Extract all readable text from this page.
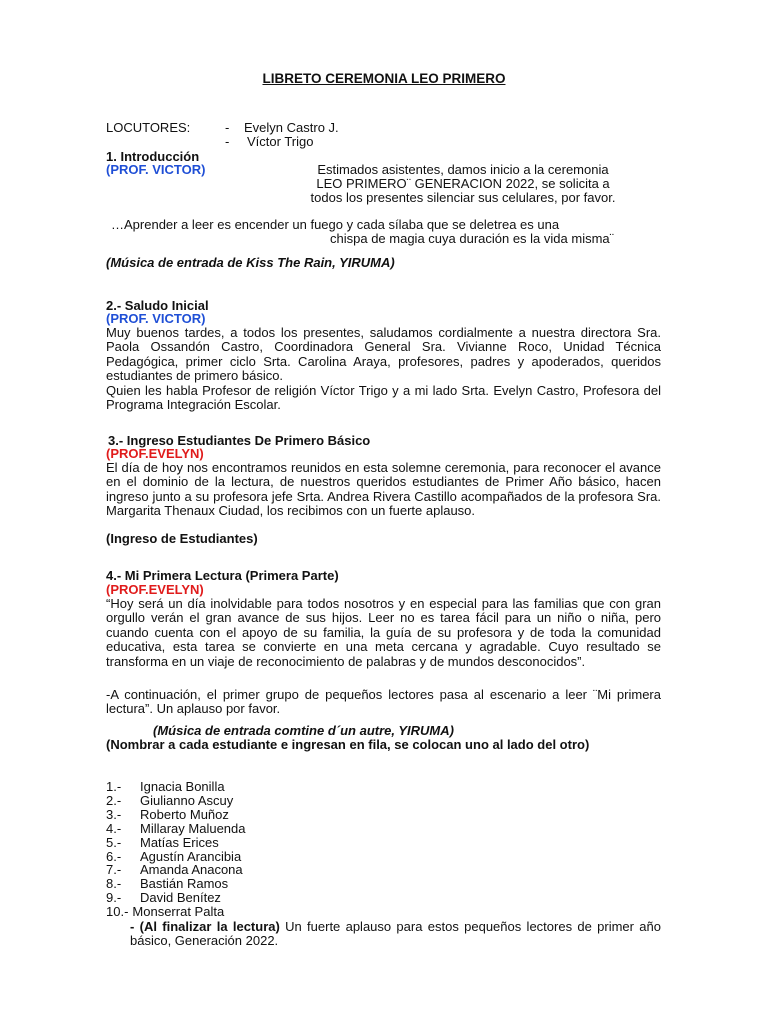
LIBRETO CEREMONIA LEO PRIMERO
LOCUTORES:	- Evelyn Castro J.
- Víctor Trigo
1. Introducción
(PROF. VICTOR)	Estimados asistentes, damos inicio a la ceremonia
LEO PRIMERO¨ GENERACION 2022, se solicita a
todos los presentes silenciar sus celulares, por favor.
…Aprender a leer es encender un fuego y cada sílaba que se deletrea es una
chispa de magia cuya duración es la vida misma¨
(Música de entrada de Kiss The Rain, YIRUMA)
2.- Saludo Inicial
(PROF. VICTOR)

Muy buenos tardes, a todos los presentes, saludamos cordialmente a nuestra directora Sra. Paola Ossandón Castro, Coordinadora General Sra. Vivianne Roco, Unidad Técnica Pedagógica, primer ciclo Srta. Carolina Araya, profesores, padres y apoderados, queridos estudiantes de primero básico.

Quien les habla Profesor de religión Víctor Trigo y a mi lado Srta. Evelyn Castro, Profesora del Programa Integración Escolar.

3.- Ingreso Estudiantes De Primero Básico
(PROF.EVELYN)

El día de hoy nos encontramos reunidos en esta solemne ceremonia, para reconocer el avance en el dominio de la lectura, de nuestros queridos estudiantes de Primer Año básico, hacen ingreso junto a su profesora jefe Srta. Andrea Rivera Castillo acompañados de la profesora Sra. Margarita Thenaux Ciudad, los recibimos con un fuerte aplauso.

(Ingreso de Estudiantes)
4.- Mi Primera Lectura (Primera Parte)
(PROF.EVELYN)

“Hoy será un día inolvidable para todos nosotros y en especial para las familias que con gran orgullo verán el gran avance de sus hijos. Leer no es tarea fácil para un niño o niña, pero cuando cuenta con el apoyo de su familia, la guía de su profesora y de toda la comunidad educativa, esta tarea se convierte en una meta cercana y agradable. Cuyo resultado se transforma en un viaje de reconocimiento de palabras y de mundos desconocidos”.

-A continuación, el primer grupo de pequeños lectores pasa al escenario a leer ¨Mi primera lectura”. Un aplauso por favor.

(Música de entrada comtine d´un autre, YIRUMA)

(Nombrar a cada estudiante e ingresan en fila, se colocan uno al lado del otro)

1.- Ignacia Bonilla
2.- Giulianno Ascuy
3.- Roberto Muñoz
4.- Millaray Maluenda
5.- Matías Erices
6.- Agustín Arancibia
7.- Amanda Anacona
8.- Bastián Ramos
9.- David Benítez
10.- Monserrat Palta
- (Al finalizar la lectura) Un fuerte aplauso para estos pequeños lectores de primer año básico, Generación 2022.
